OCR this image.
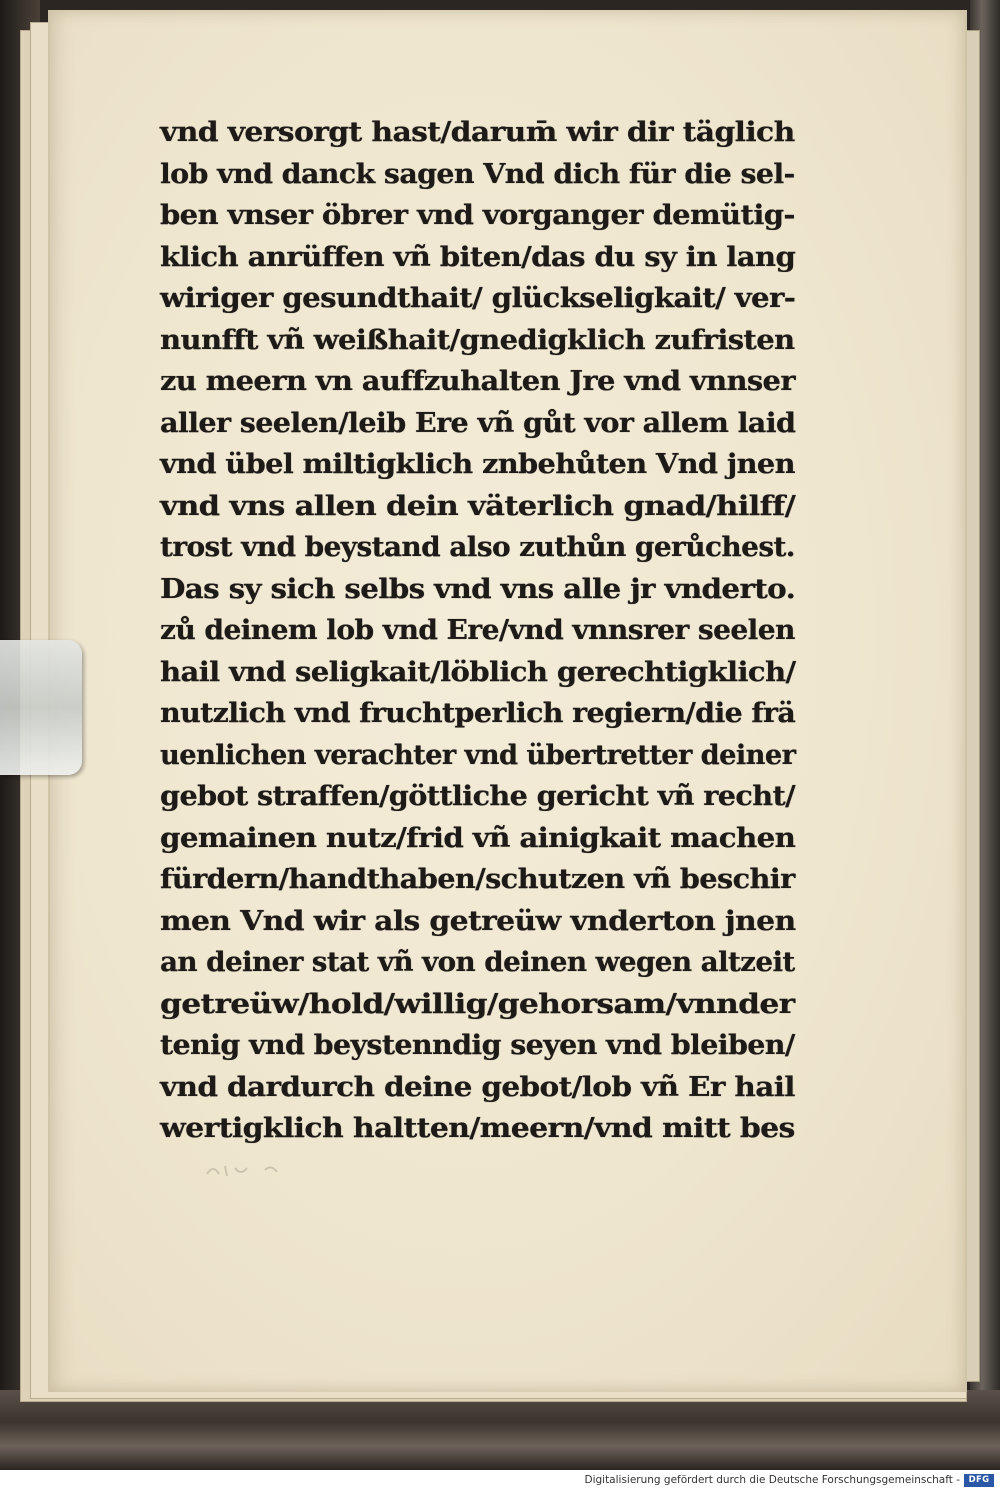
vnd versorgt hast/darum̄ wir dir täglich
lob vnd danck sagen Vnd dich für die sel-
ben vnser öbrer vnd vorganger demütig-
klich anrüffen vñ biten/das du sy in lang
wiriger gesundthait/ glückseligkait/ ver-
nunfft vñ weißhait/gnedigklich zufristen
zu meern vn auffzuhalten Jre vnd vnnser
aller seelen/leib Ere vñ gůt vor allem laid
vnd übel miltigklich znbehůten Vnd jnen
vnd vns allen dein väterlich gnad/hilff/
trost vnd beystand also zuthůn gerůchest.
Das sy sich selbs vnd vns alle jr vnderto.
zů deinem lob vnd Ere/vnd vnnsrer seelen
hail vnd seligkait/löblich gerechtigklich/
nutzlich vnd fruchtperlich regiern/die frä
uenlichen verachter vnd übertretter deiner
gebot straffen/göttliche gericht vñ recht/
gemainen nutz/frid vñ ainigkait machen
fürdern/handthaben/schutzen vñ beschir
men Vnd wir als getreüw vnderton jnen
an deiner stat vñ von deinen wegen altzeit
getreüw/hold/willig/gehorsam/vnnder
tenig vnd beystenndig seyen vnd bleiben/
vnd dardurch deine gebot/lob vñ Er hail
wertigklich haltten/meern/vnd mitt bes
Digitalisierung gefördert durch die Deutsche Forschungsgemeinschaft -	DFG
